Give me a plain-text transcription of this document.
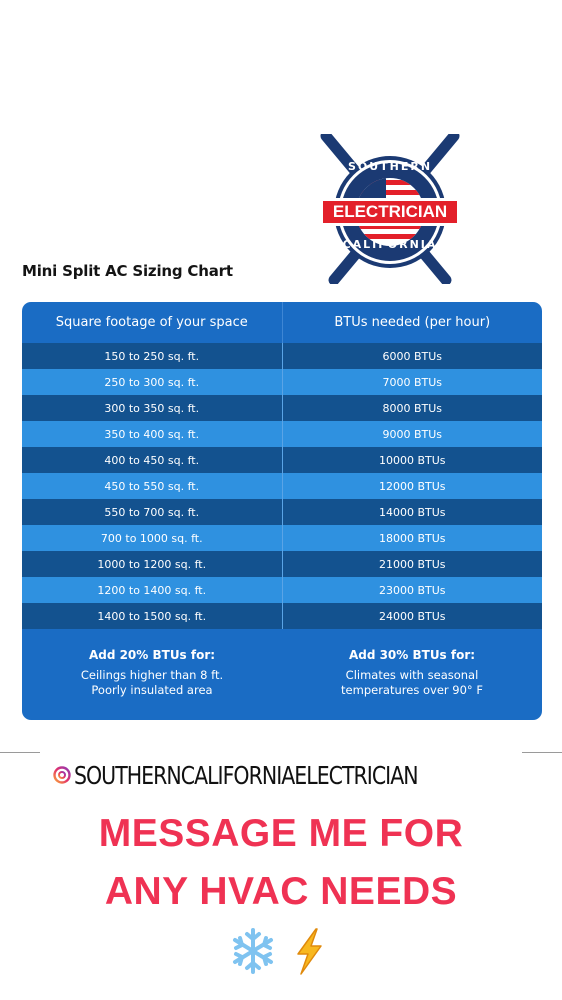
SOUTHERN
ELECTRICIAN
CALIFORNIA
Mini Split AC Sizing Chart
Square footage of your space	BTUs needed (per hour)
150 to 250 sq. ft.	6000 BTUs
250 to 300 sq. ft.	7000 BTUs
300 to 350 sq. ft.	8000 BTUs
350 to 400 sq. ft.	9000 BTUs
400 to 450 sq. ft.	10000 BTUs
450 to 550 sq. ft.	12000 BTUs
550 to 700 sq. ft.	14000 BTUs
700 to 1000 sq. ft.	18000 BTUs
1000 to 1200 sq. ft.	21000 BTUs
1200 to 1400 sq. ft.	23000 BTUs
1400 to 1500 sq. ft.	24000 BTUs
Add 20% BTUs for:
Ceilings higher than 8 ft.
Poorly insulated area
Add 30% BTUs for:
Climates with seasonal
temperatures over 90° F
SOUTHERNCALIFORNIAELECTRICIAN
MESSAGE ME FOR
ANY HVAC NEEDS
